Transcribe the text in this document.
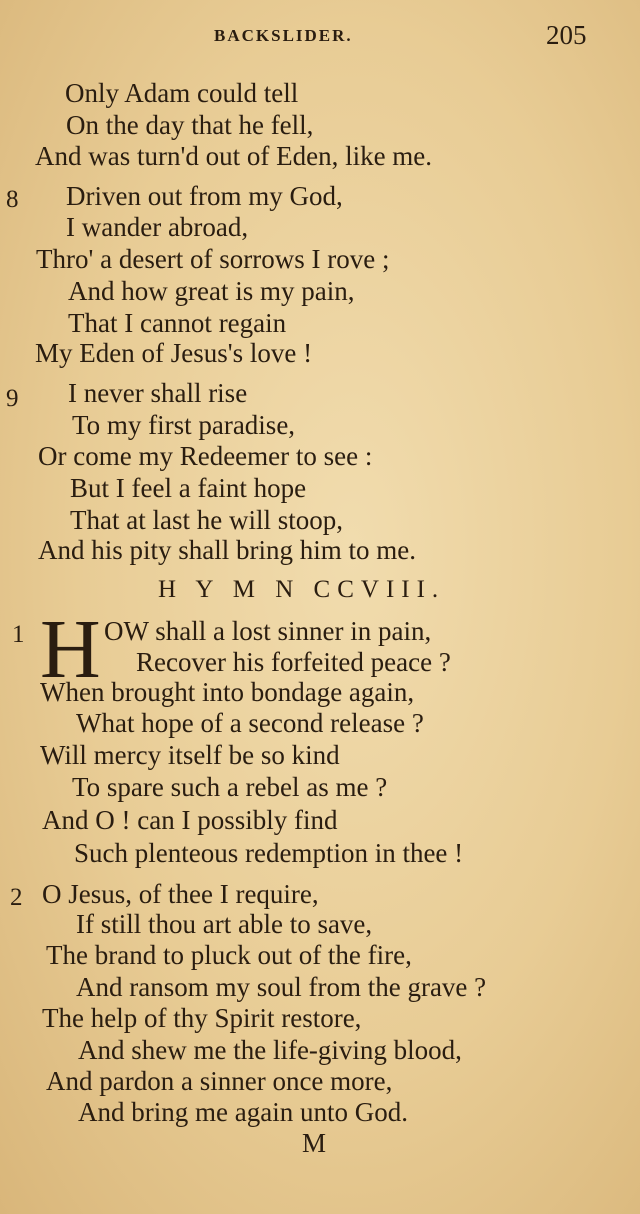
BACKSLIDER.	205
Only Adam could tell
On the day that he fell,
And was turn'd out of Eden, like me.
8 Driven out from my God,
I wander abroad,
Thro' a desert of sorrows I rove ;
And how great is my pain,
That I cannot regain
My Eden of Jesus's love !
9 I never shall rise
To my first paradise,
Or come my Redeemer to see :
But I feel a faint hope
That at last he will stoop,
And his pity shall bring him to me.
H Y M N CCVIII.
1 H OW shall a lost sinner in pain,
Recover his forfeited peace ?
When brought into bondage again,
What hope of a second release ?
Will mercy itself be so kind
To spare such a rebel as me ?
And O ! can I possibly find
Such plenteous redemption in thee !
2 O Jesus, of thee I require,
If still thou art able to save,
The brand to pluck out of the fire,
And ransom my soul from the grave ?
The help of thy Spirit restore,
And shew me the life-giving blood,
And pardon a sinner once more,
And bring me again unto God.
M
